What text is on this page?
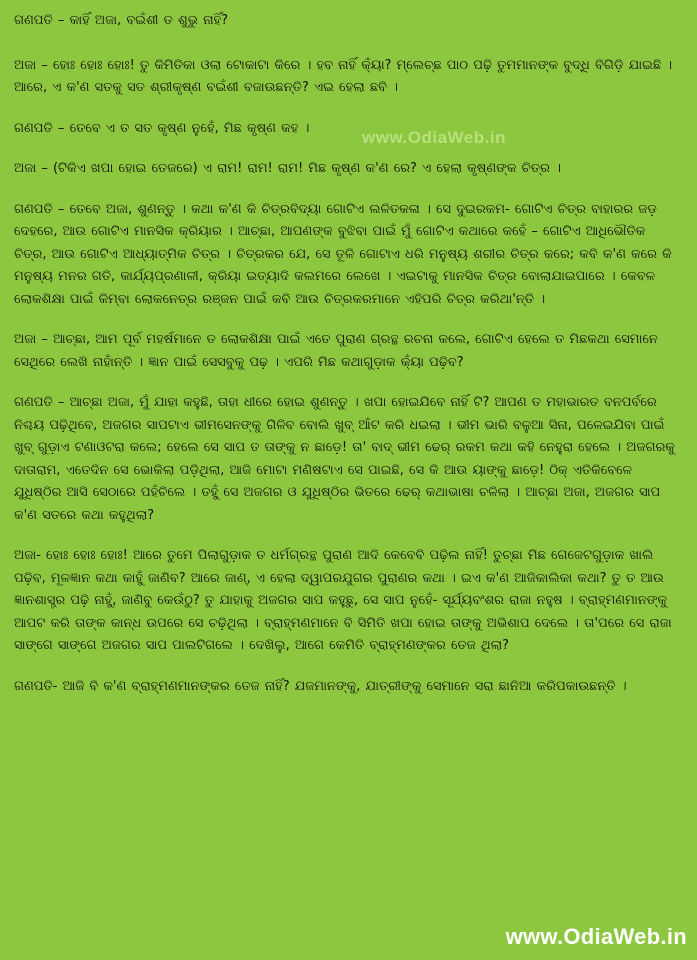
ଗଣପତି – କାହିଁ ଅଜା, ବଇଁଶୀ ତ ଶୁଭୁ ନାହିଁ?

ଅଜା – ହୋଃ ହୋଃ ହୋଃ! ତୁ କିମିତିକା ଓଲା ଟୋକାଟା କିରେ । ହବ ନାହିଁ କ୍ୟାଁ? ମ୍ଲେଚ୍ଛ ପାଠ ପଢ଼ି ତୁମମାନଙ୍କ ବୁଦ୍ଧି ବିଗିଡ଼ି ଯାଇଛି । ଆରେ, ଏ କ'ଣ ସତକୁ ସତ ଶ୍ରୀକୃଷ୍ଣ ବଇଁଶୀ ବଜାଉଛନ୍ତି? ଏଇ ହେଲା ଛବି ।

ଗଣପତି – ତେବେ ଏ ତ ସତ କୃଷ୍ଣ ନୁହେଁ, ମିଛ କୃଷ୍ଣ କହ ।

ଅଜା – (ଟିକିଏ ଖପା ହୋଇ ତେଜରେ) ଏ ରାମ! ରାମ! ରାମ! ମିଛ କୃଷ୍ଣ କ'ଣ ରେ? ଏ ହେଲା କୃଷ୍ଣଙ୍କ ଚିତ୍ର ।

ଗଣପତି – ତେବେ ଅଜା, ଶୁଣନ୍ତୁ । କଥା କ'ଣ କି ଚିତ୍ରବିଦ୍ୟା ଗୋଟିଏ ଲଳିତକଳା । ସେ ଦୁଇରକମ- ଗୋଟିଏ ଚିତ୍ର ବାହାରର ଜଡ଼ ଦେହରେ, ଆଉ ଗୋଟିଏ ମାନସିକ କ୍ରିୟାର । ଆଚ୍ଛା, ଆପଣଙ୍କ ବୁଝିବା ପାଇଁ ମୁଁ ଗୋଟିଏ କଥାରେ କହେଁ – ଗୋଟିଏ ଆଧିଭୌତିକ ଚିତ୍ର, ଆଉ ଗୋଟିଏ ଆଧ୍ୟାତ୍ମିକ ଚିତ୍ର । ଚିତ୍ରକର ଯେ, ସେ ତୂଳି ଗୋଟାଏ ଧରି ମନୁଷ୍ୟ ଶରୀର ଚିତ୍ର କରେ; କବି କ'ଣ କରେ କି ମନୁଷ୍ୟ ମନର ଗତି, କାର୍ଯ୍ୟପ୍ରଣାଳୀ, କ୍ରିୟା ଇତ୍ୟାଦି କଲମରେ ଲେଖେ । ଏଇଟାକୁ ମାନସିକ ଚିତ୍ର ବୋଲାଯାଇପାରେ । କେବଳ ଲୋକଶିକ୍ଷା ପାଇଁ କିମ୍ବା ଲୋକନେତ୍ର ରଞ୍ଜନ ପାଇଁ କବି ଆଉ ଚିତ୍ରକରମାନେ ଏହିପରି ଚିତ୍ର କରିଥା'ନ୍ତି ।

ଅଜା – ଆଚ୍ଛା, ଆମ ପୂର୍ବ ମହର୍ଷମାନେ ତ ଲୋକଶିକ୍ଷା ପାଇଁ ଏତେ ପୁରାଣ ଗ୍ରନ୍ଥ ରଚନା କଲେ, ଗୋଟିଏ ହେଲେ ତ ମିଛକଥା ସେମାନେ ସେଥିରେ ଲେଖି ନାହାଁନ୍ତି । ଜ୍ଞାନ ପାଇଁ ସେସବୁକୁ ପଢ଼ । ଏପରି ମିଛ କଥାଗୁଡ଼ାକ କ୍ୟାଁ ପଢ଼ିବ?

ଗଣପତି – ଆଚ୍ଛା ଅଜା, ମୁଁ ଯାହା କହୁଛି, ତାହା ଧୀରେ ହୋଇ ଶୁଣନ୍ତୁ । ଖପା ହୋଇଯିବେ ନାହିଁ ଟି? ଆପଣ ତ ମହାଭାରତ ବନପର୍ବରେ ନିଶ୍ଚୟ ପଢ଼ିଥିବେ, ଅଜଗର ସାପଟାଏ ଭୀମସେନଙ୍କୁ ଗିଳିବ ବୋଲି ଖୁବ୍ ଆଁଟ କରି ଧଇଲା । ଭୀମ ଭାରି ବଳୁଆ ସିନା, ପଳେଇଯିବା ପାଇଁ ଖୁବ୍ ଗୁଡ଼ାଏ ଟଣାଓଟରା କଲେ; ହେଲେ ସେ ସାପ ତ ତାଙ୍କୁ ନ ଛାଡ଼େ! ତା' ବାଦ୍ ଭୀମ ଢେର୍ ରକମ କଥା କହି ନେହୁରା ହେଲେ । ଅଜଗରକୁ ଦାତାରାମ, ଏତେଦିନ ସେ ଭୋକିଲା ପଡ଼ିଥିଲା, ଆଜି ମୋଟା ମଣିଷଟାଏ ସେ ପାଇଛି, ସେ କି ଆଉ ୟାଙ୍କୁ ଛାଡ଼େ! ଠିକ୍ ଏତିକିବେଳେ ଯୁଧିଷ୍ଠିର ଆସି ସେଠାରେ ପହଁଚିଲେ । ତହୁଁ ସେ ଅଜଗର ଓ ଯୁଧିଷ୍ଠିର ଭିତରେ ଢେର୍ କଥାଭାଷା ଚଳିଲା । ଆଚ୍ଛା ଅଜା, ଅଜଗର ସାପ କ'ଣ ସତରେ କଥା କହୁଥିଲା?

ଅଜା- ହୋଃ ହୋଃ ହୋଃ! ଆରେ ତୁମେ ପିଲାଗୁଡ଼ାକ ତ ଧର୍ମଗ୍ରନ୍ଥ ପୁରାଣ ଆଦି କେବେବି ପଢ଼ିଲ ନାହିଁ! ତୁଚ୍ଛା ମିଛ ଗେଜେଟଗୁଡ଼ାକ ଖାଲି ପଢ଼ିବ, ମୂଳଜ୍ଞାନ କଥା କାହୁଁ ଜାଣିବ? ଆରେ ଜାଣ୍, ଏ ହେଲା ଦ୍ୱାପରଯୁଗର ପୁରାଣର କଥା । ଇଏ କ'ଣ ଆଜିକାଲିକା କଥା? ତୁ ତ ଆଉ ଜ୍ଞାନଶାସ୍ତ୍ର ପଢ଼ି ନାହୁଁ, ଜାଣିବୁ କେଉଁଠୁ? ତୁ ଯାହାକୁ ଅଜଗର ସାପ କହୁଛୁ, ସେ ସାପ ନୁହେଁ- ସୂର୍ଯ୍ୟବଂଶର ରାଜା ନହୁଷ । ବ୍ରାହ୍ମଣମାନଙ୍କୁ ଆପଟ କରି ତାଙ୍କ କାନ୍ଧ ଉପରେ ସେ ଚଢ଼ିଥିଲା । ବ୍ରାହ୍ମଣମାନେ ବି ସିମିତି ଖପା ହୋଇ ତାଙ୍କୁ ଅଭିଶାପ ଦେଲେ । ତା'ପରେ ସେ ରାଜା ସାଙ୍ଗେ ସାଙ୍ଗେ ଅଜଗର ସାପ ପାଲଟିଗଲେ । ଦେଖିଲୁ, ଆଗେ କେମିତି ବ୍ରାହ୍ମଣଙ୍କର ତେଜ ଥିଲା?

ଗଣପତି- ଆଜି ବି କ'ଣ ବ୍ରାହ୍ମଣମାନଙ୍କର ତେଜ ନାହିଁ? ଯଜମାନଙ୍କୁ, ଯାତ୍ରୀଙ୍କୁ ସେମାନେ ସରା ଛାନିଆ କରିପକାଉଛନ୍ତି ।

www.OdiaWeb.in
www.OdiaWeb.in
